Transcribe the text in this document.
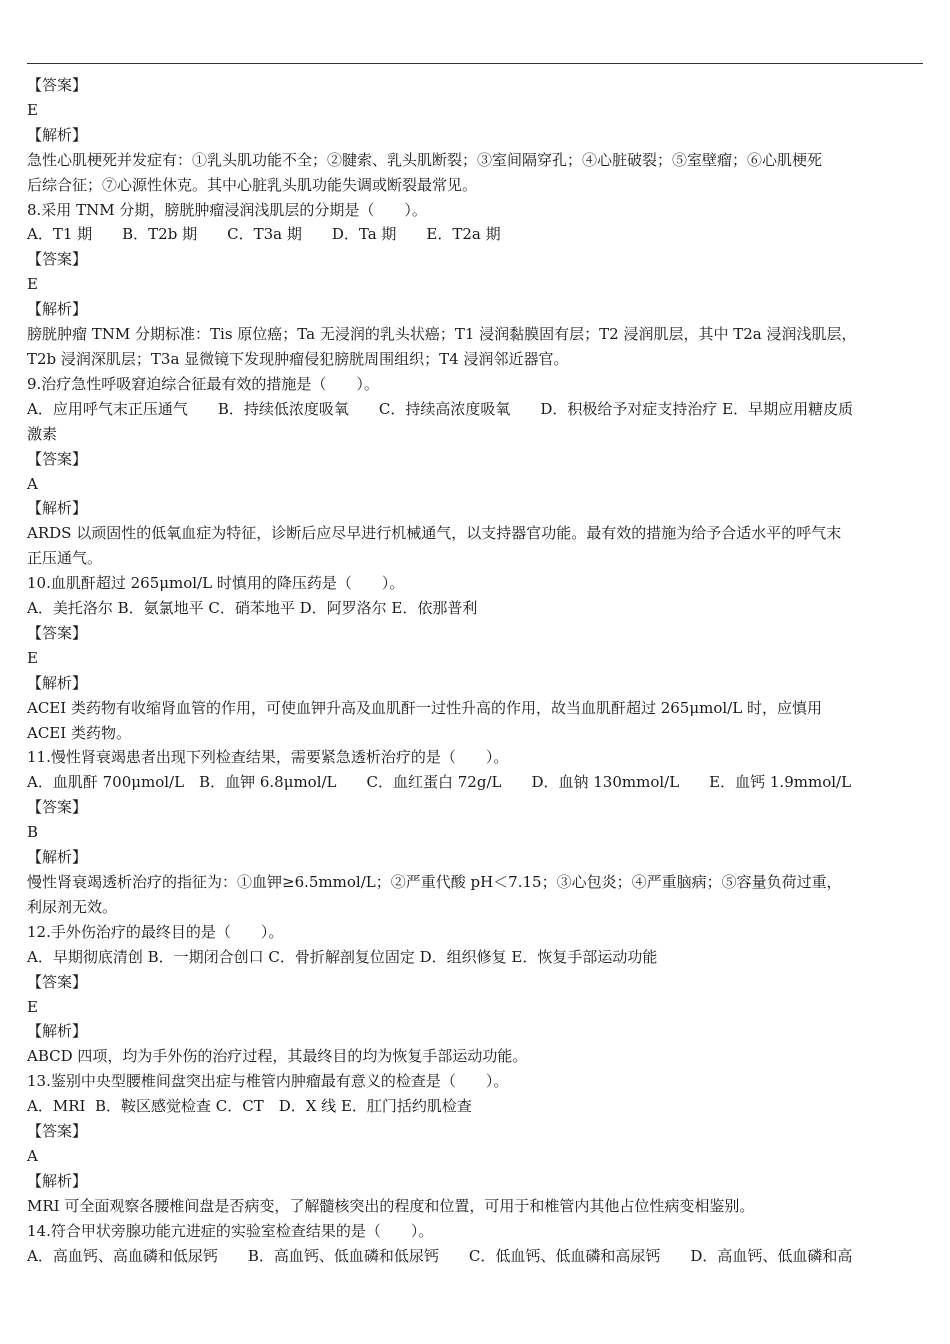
【答案】
E
【解析】
急性心肌梗死并发症有：①乳头肌功能不全；②腱索、乳头肌断裂；③室间隔穿孔；④心脏破裂；⑤室壁瘤；⑥心肌梗死
后综合征；⑦心源性休克。其中心脏乳头肌功能失调或断裂最常见。
8.采用 TNM 分期，膀胱肿瘤浸润浅肌层的分期是（　　）。
A．T1 期　　B．T2b 期　　C．T3a 期　　D．Ta 期　　E．T2a 期
【答案】
E
【解析】
膀胱肿瘤 TNM 分期标准：Tis 原位癌；Ta 无浸润的乳头状癌；T1 浸润黏膜固有层；T2 浸润肌层，其中 T2a 浸润浅肌层，
T2b 浸润深肌层；T3a 显微镜下发现肿瘤侵犯膀胱周围组织；T4 浸润邻近器官。
9.治疗急性呼吸窘迫综合征最有效的措施是（　　）。
A．应用呼气末正压通气　　B．持续低浓度吸氧　　C．持续高浓度吸氧　　D．积极给予对症支持治疗 E．早期应用糖皮质
激素
【答案】
A
【解析】
ARDS 以顽固性的低氧血症为特征，诊断后应尽早进行机械通气，以支持器官功能。最有效的措施为给予合适水平的呼气末
正压通气。
10.血肌酐超过 265μmol/L 时慎用的降压药是（　　）。
A．美托洛尔 B．氨氯地平 C．硝苯地平 D．阿罗洛尔 E．依那普利
【答案】
E
【解析】
ACEI 类药物有收缩肾血管的作用，可使血钾升高及血肌酐一过性升高的作用，故当血肌酐超过 265μmol/L 时，应慎用
ACEI 类药物。
11.慢性肾衰竭患者出现下列检查结果，需要紧急透析治疗的是（　　）。
A．血肌酐 700μmol/L　B．血钾 6.8μmol/L　　C．血红蛋白 72g/L　　D．血钠 130mmol/L　　E．血钙 1.9mmol/L
【答案】
B
【解析】
慢性肾衰竭透析治疗的指征为：①血钾≥6.5mmol/L；②严重代酸 pH＜7.15；③心包炎；④严重脑病；⑤容量负荷过重，
利尿剂无效。
12.手外伤治疗的最终目的是（　　）。
A．早期彻底清创 B．一期闭合创口 C．骨折解剖复位固定 D．组织修复 E．恢复手部运动功能
【答案】
E
【解析】
ABCD 四项，均为手外伤的治疗过程，其最终目的均为恢复手部运动功能。
13.鉴别中央型腰椎间盘突出症与椎管内肿瘤最有意义的检查是（　　）。
A．MRI  B．鞍区感觉检查 C．CT　D．X 线 E．肛门括约肌检查
【答案】
A
【解析】
MRI 可全面观察各腰椎间盘是否病变，了解髓核突出的程度和位置，可用于和椎管内其他占位性病变相鉴别。
14.符合甲状旁腺功能亢进症的实验室检查结果的是（　　）。
A．高血钙、高血磷和低尿钙　　B．高血钙、低血磷和低尿钙　　C．低血钙、低血磷和高尿钙　　D．高血钙、低血磷和高
